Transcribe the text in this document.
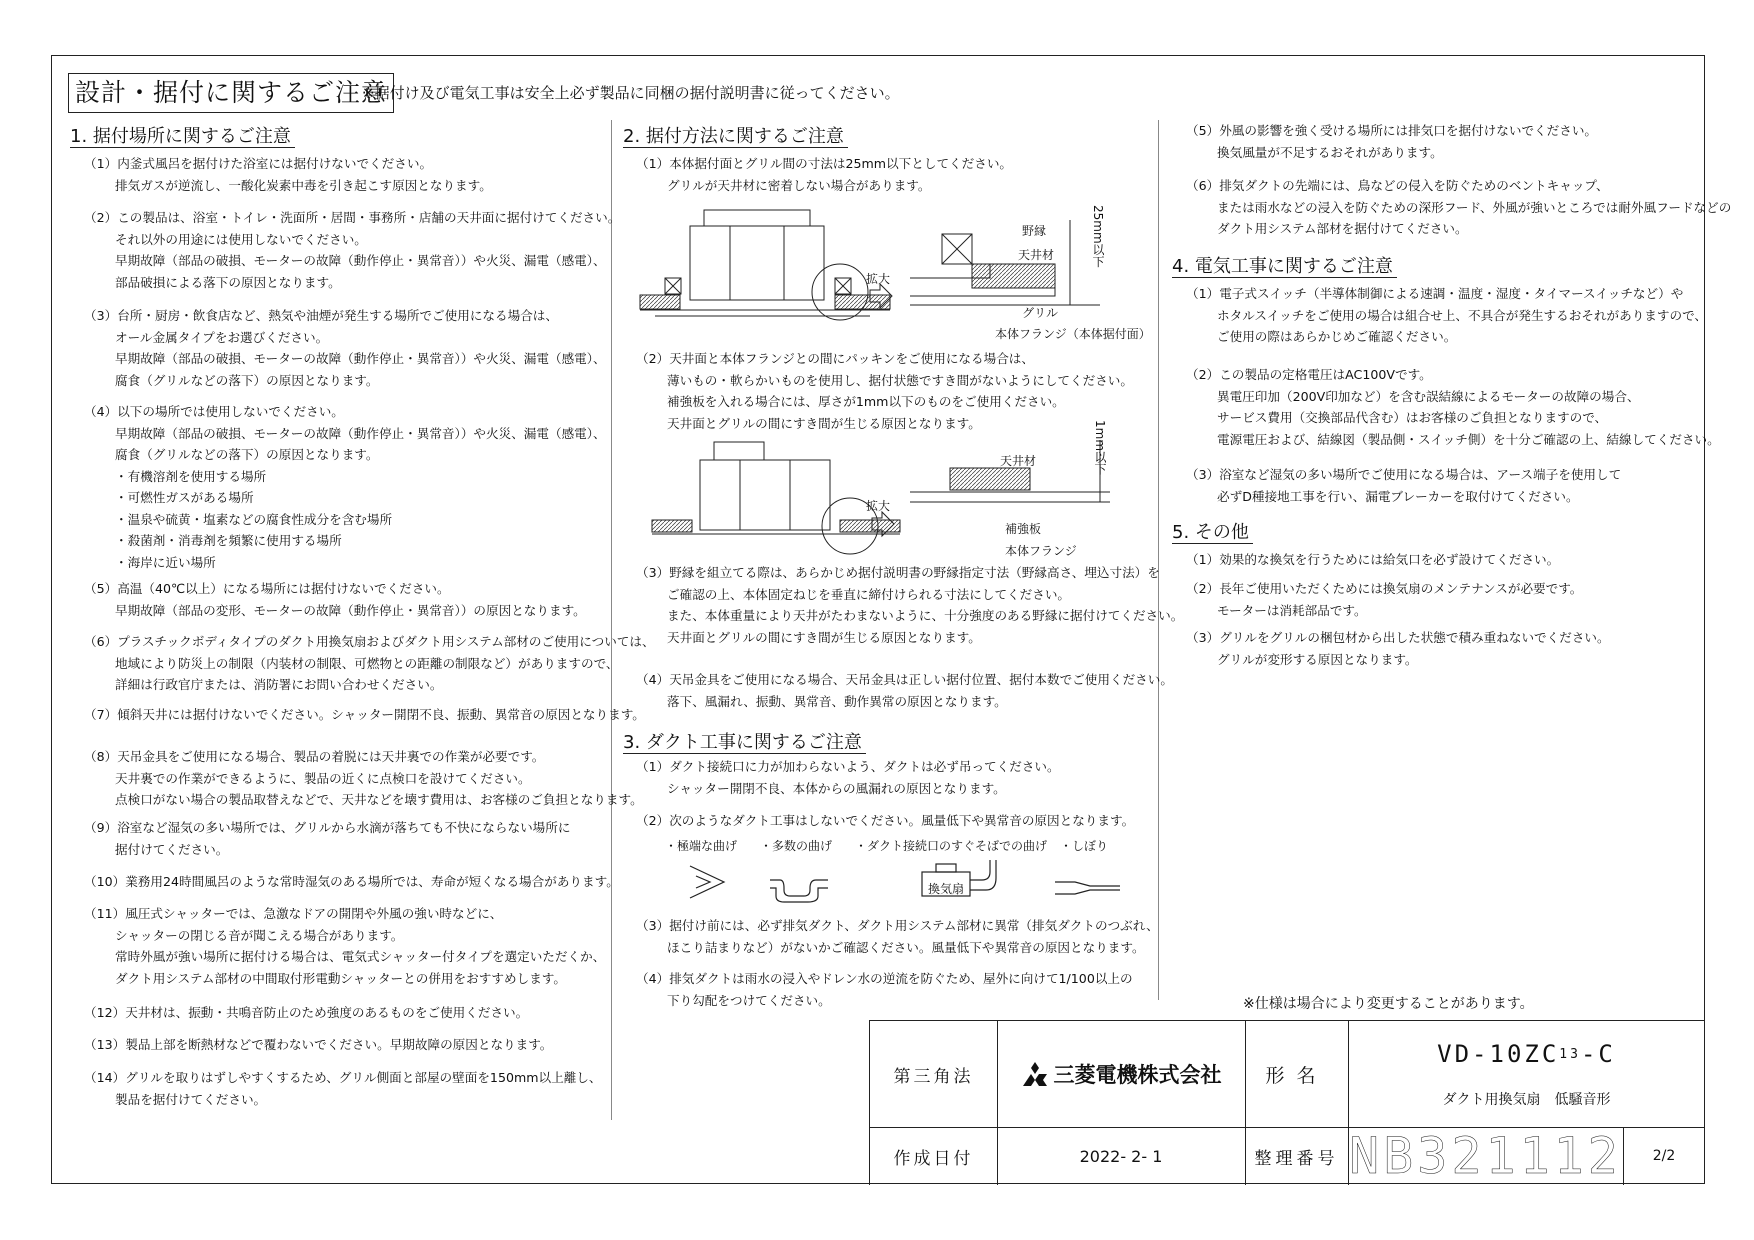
設計・据付に関するご注意
※据付け及び電気工事は安全上必ず製品に同梱の据付説明書に従ってください。
1. 据付場所に関するご注意
（1）内釜式風呂を据付けた浴室には据付けないでください。
排気ガスが逆流し、一酸化炭素中毒を引き起こす原因となります。
（2）この製品は、浴室・トイレ・洗面所・居間・事務所・店舗の天井面に据付けてください。
それ以外の用途には使用しないでください。
早期故障（部品の破損、モーターの故障（動作停止・異常音））や火災、漏電（感電）、
部品破損による落下の原因となります。
（3）台所・厨房・飲食店など、熱気や油煙が発生する場所でご使用になる場合は、
オール金属タイプをお選びください。
早期故障（部品の破損、モーターの故障（動作停止・異常音））や火災、漏電（感電）、
腐食（グリルなどの落下）の原因となります。
（4）以下の場所では使用しないでください。
早期故障（部品の破損、モーターの故障（動作停止・異常音））や火災、漏電（感電）、
腐食（グリルなどの落下）の原因となります。
・有機溶剤を使用する場所
・可燃性ガスがある場所
・温泉や硫黄・塩素などの腐食性成分を含む場所
・殺菌剤・消毒剤を頻繁に使用する場所
・海岸に近い場所
（5）高温（40℃以上）になる場所には据付けないでください。
早期故障（部品の変形、モーターの故障（動作停止・異常音））の原因となります。
（6）プラスチックボディタイプのダクト用換気扇およびダクト用システム部材のご使用については、
地域により防災上の制限（内装材の制限、可燃物との距離の制限など）がありますので、
詳細は行政官庁または、消防署にお問い合わせください。
（7）傾斜天井には据付けないでください。シャッター開閉不良、振動、異常音の原因となります。
（8）天吊金具をご使用になる場合、製品の着脱には天井裏での作業が必要です。
天井裏での作業ができるように、製品の近くに点検口を設けてください。
点検口がない場合の製品取替えなどで、天井などを壊す費用は、お客様のご負担となります。
（9）浴室など湿気の多い場所では、グリルから水滴が落ちても不快にならない場所に
据付けてください。
（10）業務用24時間風呂のような常時湿気のある場所では、寿命が短くなる場合があります。
（11）風圧式シャッターでは、急激なドアの開閉や外風の強い時などに、
シャッターの閉じる音が聞こえる場合があります。
常時外風が強い場所に据付ける場合は、電気式シャッター付タイプを選定いただくか、
ダクト用システム部材の中間取付形電動シャッターとの併用をおすすめします。
（12）天井材は、振動・共鳴音防止のため強度のあるものをご使用ください。
（13）製品上部を断熱材などで覆わないでください。早期故障の原因となります。
（14）グリルを取りはずしやすくするため、グリル側面と部屋の壁面を150mm以上離し、
製品を据付けてください。
2. 据付方法に関するご注意
（1）本体据付面とグリル間の寸法は25mm以下としてください。
グリルが天井材に密着しない場合があります。
（2）天井面と本体フランジとの間にパッキンをご使用になる場合は、
薄いもの・軟らかいものを使用し、据付状態ですき間がないようにしてください。
補強板を入れる場合には、厚さが1mm以下のものをご使用ください。
天井面とグリルの間にすき間が生じる原因となります。
（3）野縁を組立てる際は、あらかじめ据付説明書の野縁指定寸法（野縁高さ、埋込寸法）を
ご確認の上、本体固定ねじを垂直に締付けられる寸法にしてください。
また、本体重量により天井がたわまないように、十分強度のある野縁に据付けてください。
天井面とグリルの間にすき間が生じる原因となります。
（4）天吊金具をご使用になる場合、天吊金具は正しい据付位置、据付本数でご使用ください。
落下、風漏れ、振動、異常音、動作異常の原因となります。
野縁
天井材
拡大
グリル
本体フランジ（本体据付面）
25mm以下
天井材
拡大
補強板
本体フランジ
1mm以下
3. ダクト工事に関するご注意
（1）ダクト接続口に力が加わらないよう、ダクトは必ず吊ってください。
シャッター開閉不良、本体からの風漏れの原因となります。
（2）次のようなダクト工事はしないでください。風量低下や異常音の原因となります。
（3）据付け前には、必ず排気ダクト、ダクト用システム部材に異常（排気ダクトのつぶれ、
ほこり詰まりなど）がないかご確認ください。風量低下や異常音の原因となります。
（4）排気ダクトは雨水の浸入やドレン水の逆流を防ぐため、屋外に向けて1/100以上の
下り勾配をつけてください。
・極端な曲げ ・多数の曲げ ・ダクト接続口のすぐそばでの曲げ ・しぼり
換気扇
（5）外風の影響を強く受ける場所には排気口を据付けないでください。
換気風量が不足するおそれがあります。
（6）排気ダクトの先端には、鳥などの侵入を防ぐためのベントキャップ、
または雨水などの浸入を防ぐための深形フード、外風が強いところでは耐外風フードなどの
ダクト用システム部材を据付けてください。
4. 電気工事に関するご注意
（1）電子式スイッチ（半導体制御による速調・温度・湿度・タイマースイッチなど）や
ホタルスイッチをご使用の場合は組合せ上、不具合が発生するおそれがありますので、
ご使用の際はあらかじめご確認ください。
（2）この製品の定格電圧はAC100Vです。
異電圧印加（200V印加など）を含む誤結線によるモーターの故障の場合、
サービス費用（交換部品代含む）はお客様のご負担となりますので、
電源電圧および、結線図（製品側・スイッチ側）を十分ご確認の上、結線してください。
（3）浴室など湿気の多い場所でご使用になる場合は、アース端子を使用して
必ずD種接地工事を行い、漏電ブレーカーを取付けてください。
5. その他
（1）効果的な換気を行うためには給気口を必ず設けてください。
（2）長年ご使用いただくためには換気扇のメンテナンスが必要です。
モーターは消耗部品です。
（3）グリルをグリルの梱包材から出した状態で積み重ねないでください。
グリルが変形する原因となります。
※仕様は場合により変更することがあります。
第三角法	三菱電機株式会社	形名
VD-10ZC 13 -C
ダクト用換気扇　低騒音形
作成日付	2022- 2- 1	整理番号 NB321112	2/2
